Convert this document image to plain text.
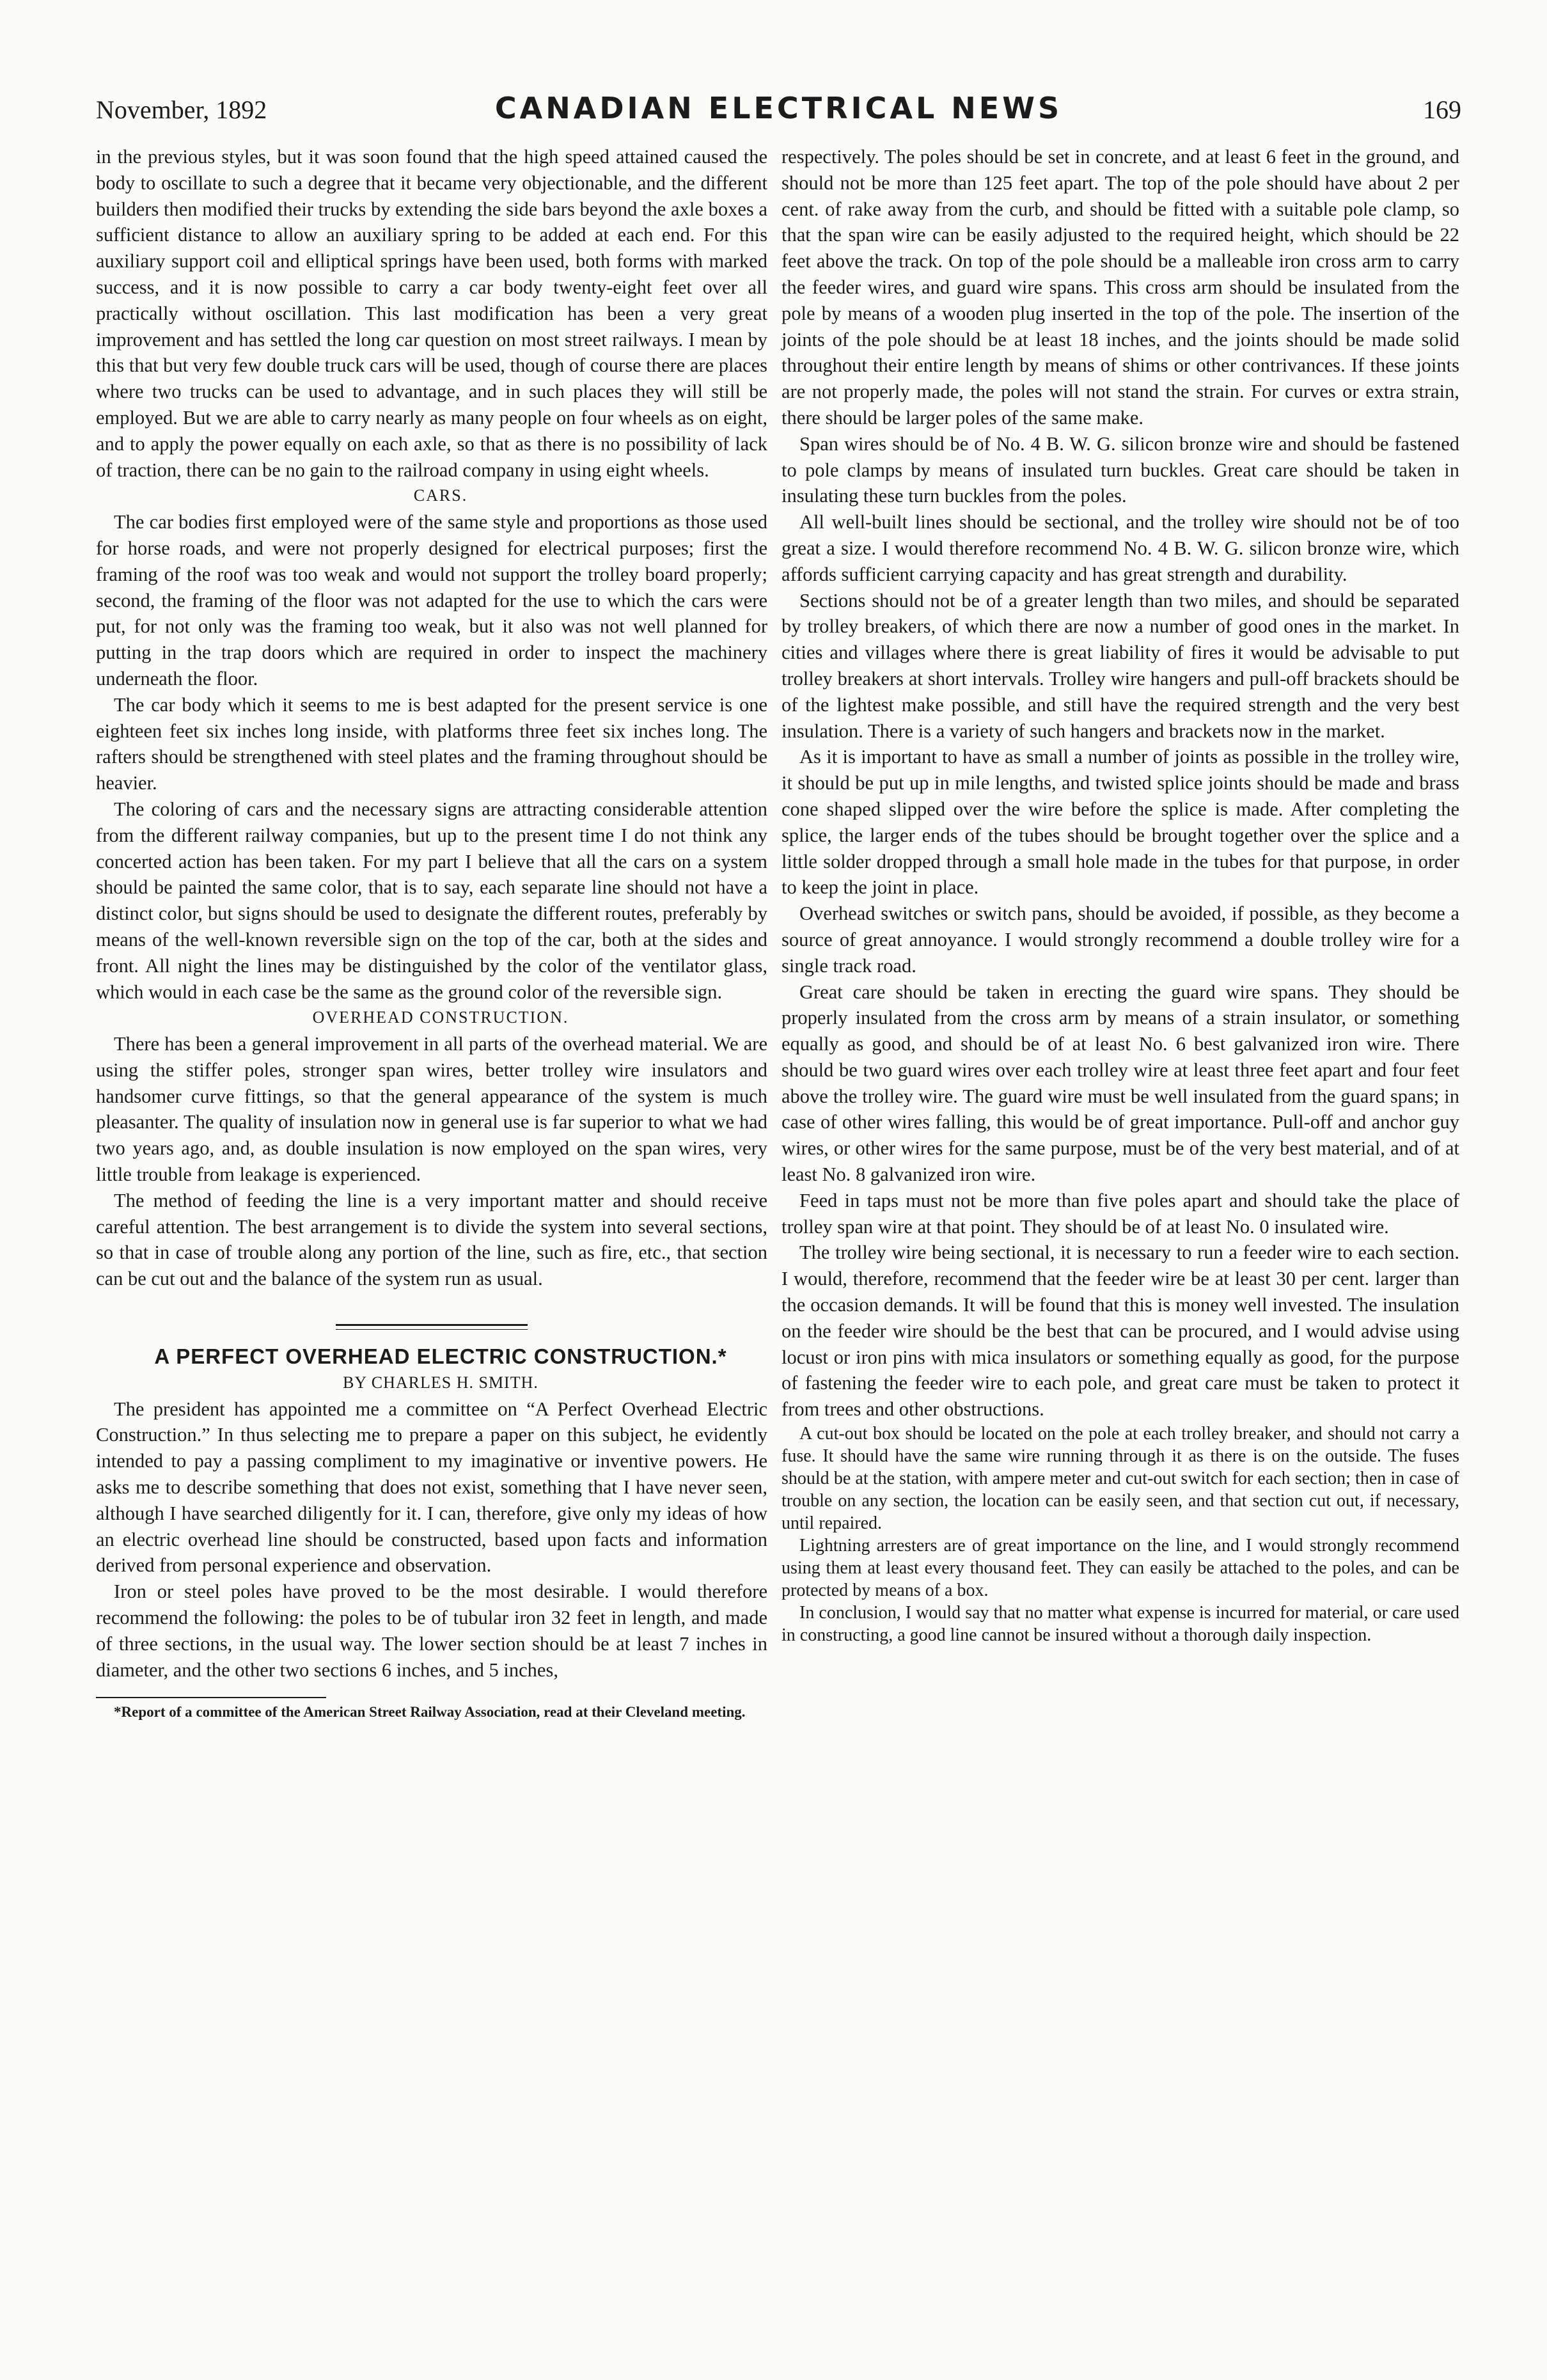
November, 1892	CANADIAN ELECTRICAL NEWS	169

in the previous styles, but it was soon found that the high speed attained caused the body to oscillate to such a degree that it became very objectionable, and the different builders then modified their trucks by extending the side bars beyond the axle boxes a sufficient distance to allow an auxiliary spring to be added at each end. For this auxiliary support coil and elliptical springs have been used, both forms with marked success, and it is now possible to carry a car body twenty-eight feet over all practically without oscillation. This last modification has been a very great improvement and has settled the long car question on most street railways. I mean by this that but very few double truck cars will be used, though of course there are places where two trucks can be used to advantage, and in such places they will still be employed. But we are able to carry nearly as many people on four wheels as on eight, and to apply the power equally on each axle, so that as there is no possibility of lack of traction, there can be no gain to the railroad company in using eight wheels.

CARS.

The car bodies first employed were of the same style and proportions as those used for horse roads, and were not properly designed for electrical purposes; first the framing of the roof was too weak and would not support the trolley board properly; second, the framing of the floor was not adapted for the use to which the cars were put, for not only was the framing too weak, but it also was not well planned for putting in the trap doors which are required in order to inspect the machinery underneath the floor.

The car body which it seems to me is best adapted for the present service is one eighteen feet six inches long inside, with platforms three feet six inches long. The rafters should be strengthened with steel plates and the framing throughout should be heavier.

The coloring of cars and the necessary signs are attracting considerable attention from the different railway companies, but up to the present time I do not think any concerted action has been taken. For my part I believe that all the cars on a system should be painted the same color, that is to say, each separate line should not have a distinct color, but signs should be used to designate the different routes, preferably by means of the well-known reversible sign on the top of the car, both at the sides and front. All night the lines may be distinguished by the color of the ventilator glass, which would in each case be the same as the ground color of the reversible sign.

OVERHEAD CONSTRUCTION.

There has been a general improvement in all parts of the overhead material. We are using the stiffer poles, stronger span wires, better trolley wire insulators and handsomer curve fittings, so that the general appearance of the system is much pleasanter. The quality of insulation now in general use is far superior to what we had two years ago, and, as double insulation is now employed on the span wires, very little trouble from leakage is experienced.

The method of feeding the line is a very important matter and should receive careful attention. The best arrangement is to divide the system into several sections, so that in case of trouble along any portion of the line, such as fire, etc., that section can be cut out and the balance of the system run as usual.

A PERFECT OVERHEAD ELECTRIC CONSTRUCTION.*

BY CHARLES H. SMITH.

The president has appointed me a committee on “A Perfect Overhead Electric Construction.” In thus selecting me to prepare a paper on this subject, he evidently intended to pay a passing compliment to my imaginative or inventive powers. He asks me to describe something that does not exist, something that I have never seen, although I have searched diligently for it. I can, therefore, give only my ideas of how an electric overhead line should be constructed, based upon facts and information derived from personal experience and observation.

Iron or steel poles have proved to be the most desirable. I would therefore recommend the following: the poles to be of tubular iron 32 feet in length, and made of three sections, in the usual way. The lower section should be at least 7 inches in diameter, and the other two sections 6 inches, and 5 inches,

*Report of a committee of the American Street Railway Association, read at their Cleveland meeting.

respectively. The poles should be set in concrete, and at least 6 feet in the ground, and should not be more than 125 feet apart. The top of the pole should have about 2 per cent. of rake away from the curb, and should be fitted with a suitable pole clamp, so that the span wire can be easily adjusted to the required height, which should be 22 feet above the track. On top of the pole should be a malleable iron cross arm to carry the feeder wires, and guard wire spans. This cross arm should be insulated from the pole by means of a wooden plug inserted in the top of the pole. The insertion of the joints of the pole should be at least 18 inches, and the joints should be made solid throughout their entire length by means of shims or other contrivances. If these joints are not properly made, the poles will not stand the strain. For curves or extra strain, there should be larger poles of the same make.

Span wires should be of No. 4 B. W. G. silicon bronze wire and should be fastened to pole clamps by means of insulated turn buckles. Great care should be taken in insulating these turn buckles from the poles.

All well-built lines should be sectional, and the trolley wire should not be of too great a size. I would therefore recommend No. 4 B. W. G. silicon bronze wire, which affords sufficient carrying capacity and has great strength and durability.

Sections should not be of a greater length than two miles, and should be separated by trolley breakers, of which there are now a number of good ones in the market. In cities and villages where there is great liability of fires it would be advisable to put trolley breakers at short intervals. Trolley wire hangers and pull-off brackets should be of the lightest make possible, and still have the required strength and the very best insulation. There is a variety of such hangers and brackets now in the market.

As it is important to have as small a number of joints as possible in the trolley wire, it should be put up in mile lengths, and twisted splice joints should be made and brass cone shaped slipped over the wire before the splice is made. After completing the splice, the larger ends of the tubes should be brought together over the splice and a little solder dropped through a small hole made in the tubes for that purpose, in order to keep the joint in place.

Overhead switches or switch pans, should be avoided, if possible, as they become a source of great annoyance. I would strongly recommend a double trolley wire for a single track road.

Great care should be taken in erecting the guard wire spans. They should be properly insulated from the cross arm by means of a strain insulator, or something equally as good, and should be of at least No. 6 best galvanized iron wire. There should be two guard wires over each trolley wire at least three feet apart and four feet above the trolley wire. The guard wire must be well insulated from the guard spans; in case of other wires falling, this would be of great importance. Pull-off and anchor guy wires, or other wires for the same purpose, must be of the very best material, and of at least No. 8 galvanized iron wire.

Feed in taps must not be more than five poles apart and should take the place of trolley span wire at that point. They should be of at least No. 0 insulated wire.

The trolley wire being sectional, it is necessary to run a feeder wire to each section. I would, therefore, recommend that the feeder wire be at least 30 per cent. larger than the occasion demands. It will be found that this is money well invested. The insulation on the feeder wire should be the best that can be procured, and I would advise using locust or iron pins with mica insulators or something equally as good, for the purpose of fastening the feeder wire to each pole, and great care must be taken to protect it from trees and other obstructions.

A cut-out box should be located on the pole at each trolley breaker, and should not carry a fuse. It should have the same wire running through it as there is on the outside. The fuses should be at the station, with ampere meter and cut-out switch for each section; then in case of trouble on any section, the location can be easily seen, and that section cut out, if necessary, until repaired.

Lightning arresters are of great importance on the line, and I would strongly recommend using them at least every thousand feet. They can easily be attached to the poles, and can be protected by means of a box.

In conclusion, I would say that no matter what expense is incurred for material, or care used in constructing, a good line cannot be insured without a thorough daily inspection.
